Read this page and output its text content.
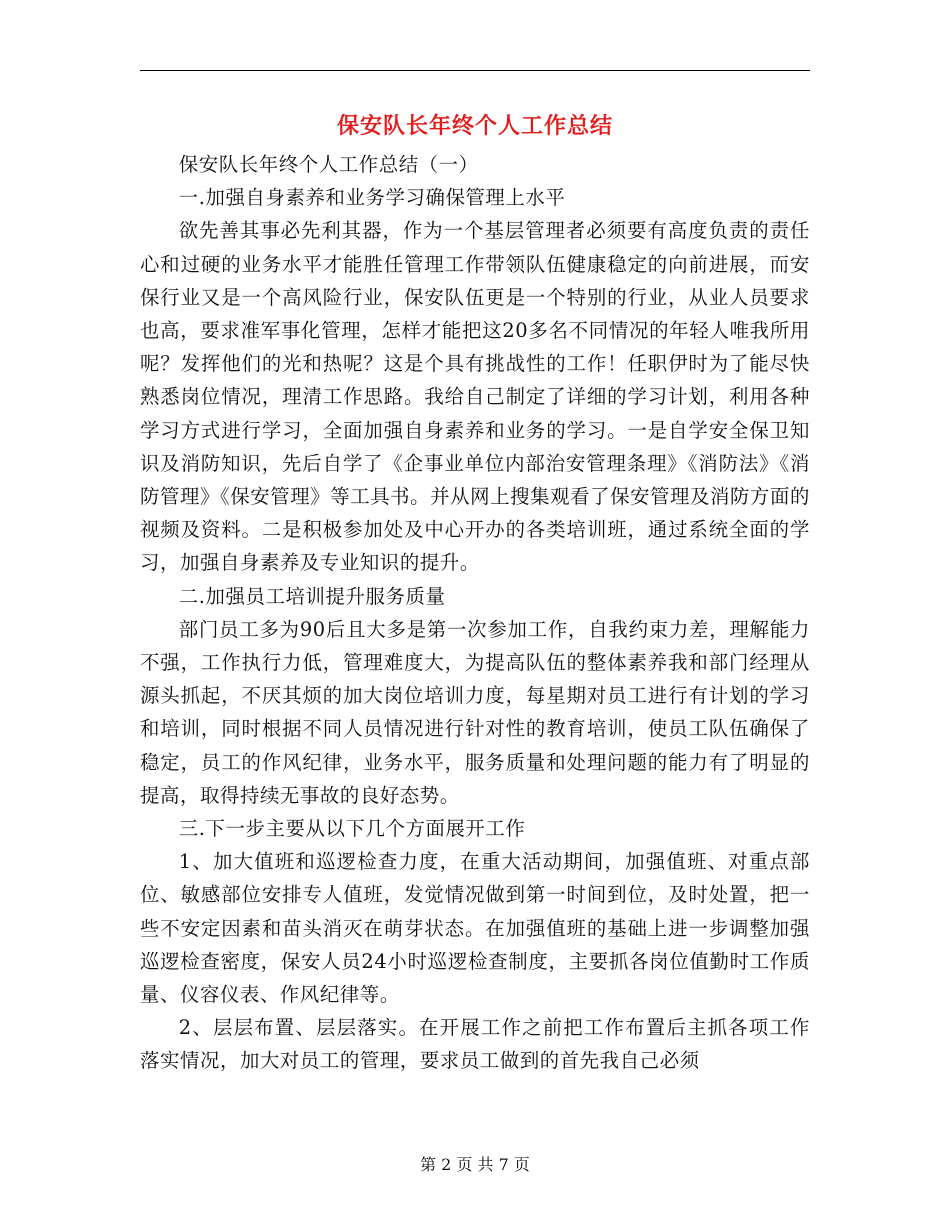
保安队长年终个人工作总结

保安队长年终个人工作总结（一）

一.加强自身素养和业务学习确保管理上水平

欲先善其事必先利其器，作为一个基层管理者必须要有高度负责的责任心和过硬的业务水平才能胜任管理工作带领队伍健康稳定的向前进展，而安保行业又是一个高风险行业，保安队伍更是一个特别的行业，从业人员要求也高，要求准军事化管理，怎样才能把这20多名不同情况的年轻人唯我所用呢？发挥他们的光和热呢？这是个具有挑战性的工作！任职伊时为了能尽快熟悉岗位情况，理清工作思路。我给自己制定了详细的学习计划，利用各种学习方式进行学习，全面加强自身素养和业务的学习。一是自学安全保卫知识及消防知识，先后自学了《企事业单位内部治安管理条理》《消防法》《消防管理》《保安管理》等工具书。并从网上搜集观看了保安管理及消防方面的视频及资料。二是积极参加处及中心开办的各类培训班，通过系统全面的学习，加强自身素养及专业知识的提升。

二.加强员工培训提升服务质量

部门员工多为90后且大多是第一次参加工作，自我约束力差，理解能力不强，工作执行力低，管理难度大，为提高队伍的整体素养我和部门经理从源头抓起，不厌其烦的加大岗位培训力度，每星期对员工进行有计划的学习和培训，同时根据不同人员情况进行针对性的教育培训，使员工队伍确保了稳定，员工的作风纪律，业务水平，服务质量和处理问题的能力有了明显的提高，取得持续无事故的良好态势。

三.下一步主要从以下几个方面展开工作

1、加大值班和巡逻检查力度，在重大活动期间，加强值班、对重点部位、敏感部位安排专人值班，发觉情况做到第一时间到位，及时处置，把一些不安定因素和苗头消灭在萌芽状态。在加强值班的基础上进一步调整加强巡逻检查密度，保安人员24小时巡逻检查制度，主要抓各岗位值勤时工作质量、仪容仪表、作风纪律等。

2、层层布置、层层落实。在开展工作之前把工作布置后主抓各项工作落实情况，加大对员工的管理，要求员工做到的首先我自己必须

第 2 页 共 7 页
